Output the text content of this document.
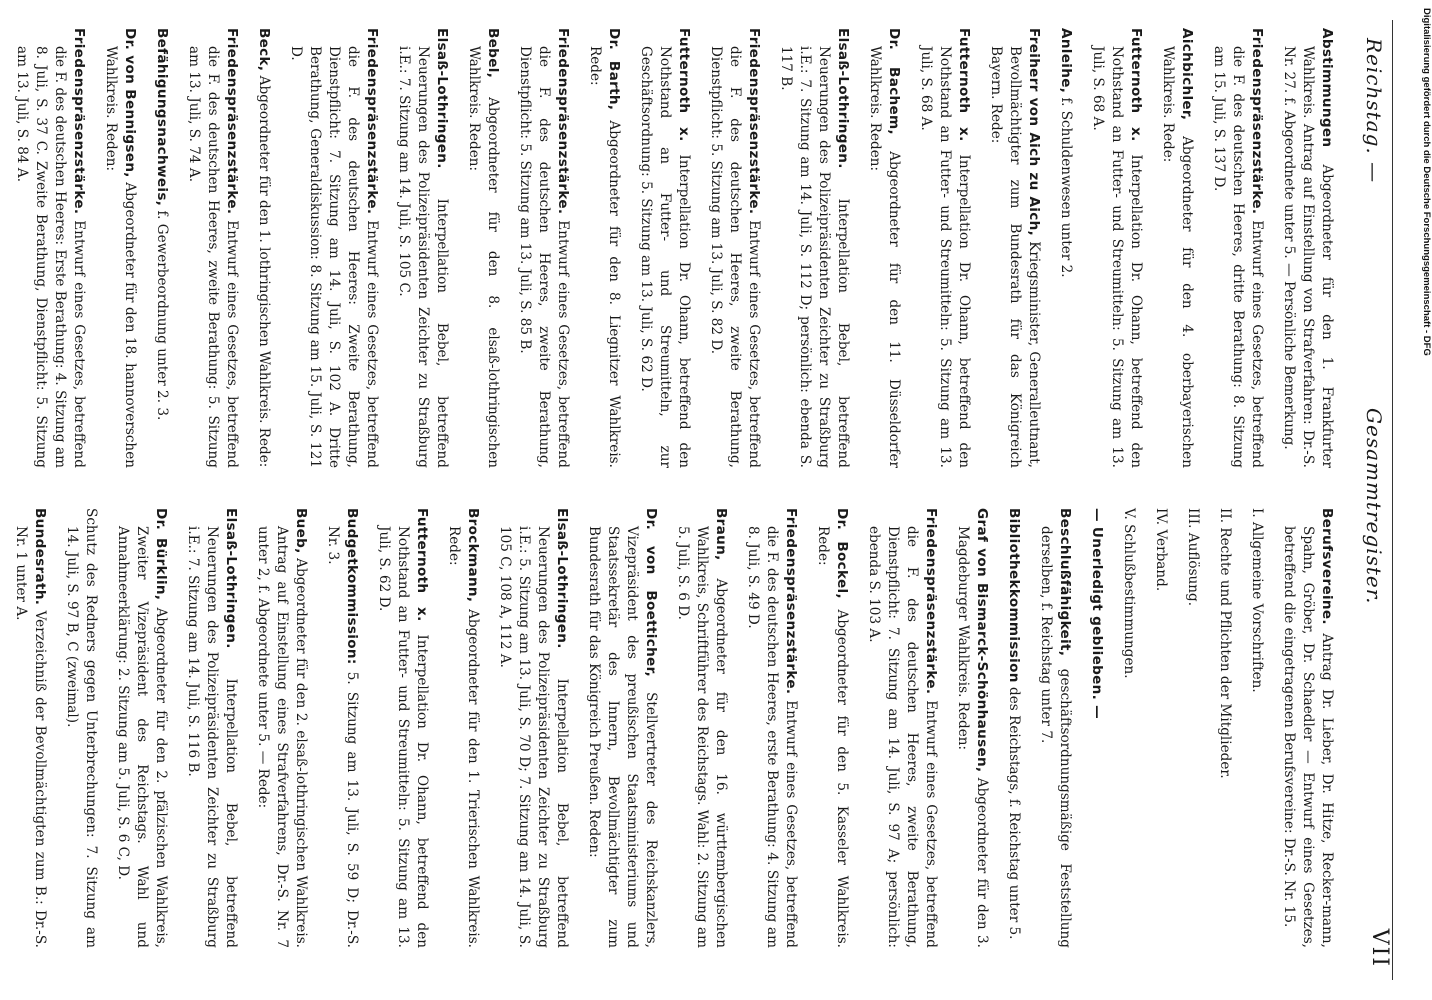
Reichstag. —
Gesammtregister.
VII

Abstimmungen Abgeordneter für den 1. Frankfurter Wahlkreis. Antrag auf Einstellung von Strafverfahren: Dr.-S. Nr. 27. f. Abgeordnete unter 5. — Persönliche Bemerkung.

Friedenspräsenzstärke. Entwurf eines Gesetzes, betreffend die F. des deutschen Heeres, dritte Berathung: 8. Sitzung am 15. Juli, S. 137 D.

Aichbichler, Abgeordneter für den 4. oberbayerischen Wahlkreis. Rede:

Futternoth x. Interpellation Dr. Ohann, betreffend den Nothstand an Futter- und Streumitteln: 5. Sitzung am 13. Juli, S. 68 A.

Anleihe, f. Schuldenwesen unter 2.

Freiherr von Aich zu Aich, Kriegsminister, Generalleutnant, Bevollmächtigter zum Bundesrath für das Königreich Bayern. Rede:

Futternoth x. Interpellation Dr. Ohann, betreffend den Nothstand an Futter- und Streumitteln: 5. Sitzung am 13. Juli, S. 68 A.

Dr. Bachem, Abgeordneter für den 11. Düsseldorfer Wahlkreis. Reden:

Elsaß-Lothringen. Interpellation Bebel, betreffend Neuerungen des Polizeipräsidenten Zeichter zu Straßburg i.E.: 7. Sitzung am 14. Juli, S. 112 D; persönlich: ebenda S. 117 B.

Friedenspräsenzstärke. Entwurf eines Gesetzes, betreffend die F. des deutschen Heeres, zweite Berathung, Dienstpflicht: 5. Sitzung am 13. Juli, S. 82 D.

Futternoth x. Interpellation Dr. Ohann, betreffend den Nothstand an Futter- und Streumitteln, zur Geschäftsordnung: 5. Sitzung am 13. Juli, S. 62 D.

Dr. Barth, Abgeordneter für den 8. Liegnitzer Wahlkreis. Rede:

Friedenspräsenzstärke. Entwurf eines Gesetzes, betreffend die F. des deutschen Heeres, zweite Berathung, Dienstpflicht: 5. Sitzung am 13. Juli, S. 85 B.

Bebel, Abgeordneter für den 8. elsaß-lothringischen Wahlkreis. Reden:

Elsaß-Lothringen. Interpellation Bebel, betreffend Neuerungen des Polizeipräsidenten Zeichter zu Straßburg i.E.: 7. Sitzung am 14. Juli, S. 105 C.

Friedenspräsenzstärke. Entwurf eines Gesetzes, betreffend die F. des deutschen Heeres: Zweite Berathung, Dienstpflicht: 7. Sitzung am 14. Juli, S. 102 A. Dritte Berathung, Generaldiskussion: 8. Sitzung am 15. Juli, S. 121 D.

Beck, Abgeordneter für den 1. lothringischen Wahlkreis. Rede:

Friedenspräsenzstärke. Entwurf eines Gesetzes, betreffend die F. des deutschen Heeres, zweite Berathung: 5. Sitzung am 13. Juli, S. 74 A.

Befähigungsnachweis, f. Gewerbeordnung unter 2. 3.

Dr. von Bennigsen, Abgeordneter für den 18. hannoverschen Wahlkreis. Reden:

Friedenspräsenzstärke. Entwurf eines Gesetzes, betreffend die F. des deutschen Heeres: Erste Berathung: 4. Sitzung am 8. Juli, S. 37 C. Zweite Berathung, Dienstpflicht: 5. Sitzung am 13. Juli, S. 84 A.

Berufsvereine. Antrag Dr. Lieber, Dr. Hitze, Recker-mann, Spahn, Gröber, Dr. Schaedler — Entwurf eines Gesetzes, betreffend die eingetragenen Berufsvereine: Dr.-S. Nr. 15.

I. Allgemeine Vorschriften.

II. Rechte und Pflichten der Mitglieder.

III. Auflösung.

IV. Verband.

V. Schlußbestimmungen.

— Unerledigt geblieben. —

Beschlußfähigkeit, geschäftsordnungsmäßige Feststellung derselben, f. Reichstag unter 7.

Bibliothekkommission des Reichstags, f. Reichstag unter 5.

Graf von Bismarck-Schönhausen, Abgeordneter für den 3. Magdeburger Wahlkreis. Reden:

Friedenspräsenzstärke. Entwurf eines Gesetzes, betreffend die F. des deutschen Heeres, zweite Berathung, Dienstpflicht: 7. Sitzung am 14. Juli, S. 97 A; persönlich: ebenda S. 103 A.

Dr. Bockel, Abgeordneter für den 5. Kasseler Wahlkreis. Rede:

Friedenspräsenzstärke. Entwurf eines Gesetzes, betreffend die F. des deutschen Heeres, erste Berathung: 4. Sitzung am 8. Juli, S. 49 D.

Braun, Abgeordneter für den 16. württembergischen Wahlkreis, Schriftführer des Reichstags. Wahl: 2. Sitzung am 5. Juli, S. 6 D.

Dr. von Boetticher, Stellvertreter des Reichskanzlers, Vizepräsident des preußischen Staatsministeriums und Staatssekretär des Innern, Bevollmächtigter zum Bundesrath für das Königreich Preußen. Reden:

Elsaß-Lothringen. Interpellation Bebel, betreffend Neuerungen des Polizeipräsidenten Zeichter zu Straßburg i.E.: 5. Sitzung am 13. Juli, S. 70 D; 7. Sitzung am 14. Juli, S. 105 C, 108 A, 112 A.

Brockmann, Abgeordneter für den 1. Trierischen Wahlkreis. Rede:

Futternoth x. Interpellation Dr. Ohann, betreffend den Nothstand an Futter- und Streumitteln: 5. Sitzung am 13. Juli, S. 62 D.

Budgetkommission: 5. Sitzung am 13. Juli, S. 59 D; Dr.-S. Nr. 3.

Bueb, Abgeordneter für den 2. elsaß-lothringischen Wahlkreis. Antrag auf Einstellung eines Strafverfahrens, Dr.-S. Nr. 7 unter 2, f. Abgeordnete unter 5. — Rede:

Elsaß-Lothringen. Interpellation Bebel, betreffend Neuerungen des Polizeipräsidenten Zeichter zu Straßburg i.E.: 7. Sitzung am 14. Juli, S. 116 B.

Dr. Bürklin, Abgeordneter für den 2. pfälzischen Wahlkreis, Zweiter Vizepräsident des Reichstags. Wahl und Annahmeerklärung: 2. Sitzung am 5. Juli, S. 6 C, D.

Schutz des Redners gegen Unterbrechungen: 7. Sitzung am 14. Juli, S. 97 B, C (zweimal).

Bundesrath. Verzeichniß der Bevollmächtigten zum B.: Dr.-S. Nr. 1 unter A.

Digitalisierung gefördert durch die Deutsche Forschungsgemeinschaft - DFG
